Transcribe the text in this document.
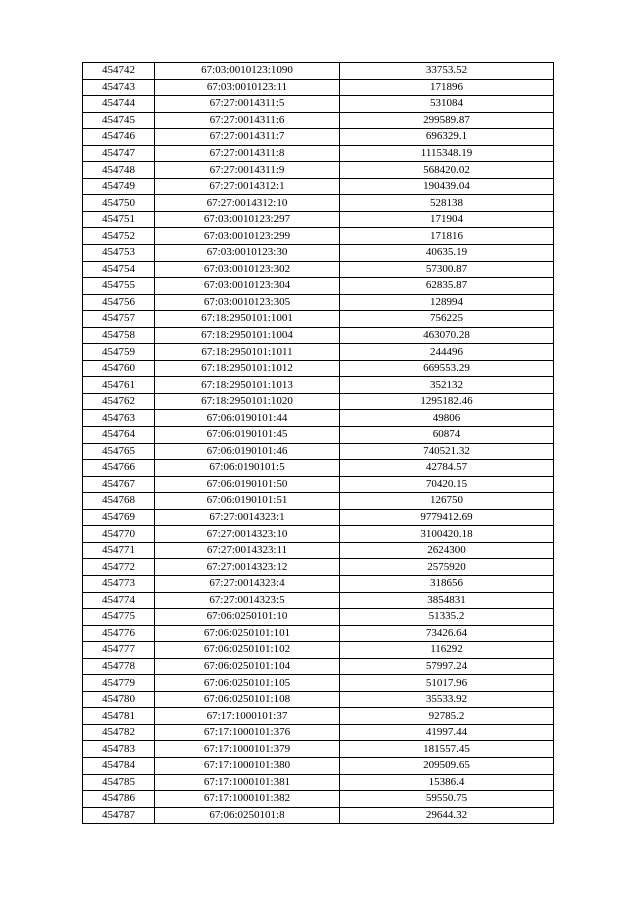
454742	67:03:0010123:1090	33753.52
454743	67:03:0010123:11	171896
454744	67:27:0014311:5	531084
454745	67:27:0014311:6	299589.87
454746	67:27:0014311:7	696329.1
454747	67:27:0014311:8	1115348.19
454748	67:27:0014311:9	568420.02
454749	67:27:0014312:1	190439.04
454750	67:27:0014312:10	528138
454751	67:03:0010123:297	171904
454752	67:03:0010123:299	171816
454753	67:03:0010123:30	40635.19
454754	67:03:0010123:302	57300.87
454755	67:03:0010123:304	62835.87
454756	67:03:0010123:305	128994
454757	67:18:2950101:1001	756225
454758	67:18:2950101:1004	463070.28
454759	67:18:2950101:1011	244496
454760	67:18:2950101:1012	669553.29
454761	67:18:2950101:1013	352132
454762	67:18:2950101:1020	1295182.46
454763	67:06:0190101:44	49806
454764	67:06:0190101:45	60874
454765	67:06:0190101:46	740521.32
454766	67:06:0190101:5	42784.57
454767	67:06:0190101:50	70420.15
454768	67:06:0190101:51	126750
454769	67:27:0014323:1	9779412.69
454770	67:27:0014323:10	3100420.18
454771	67:27:0014323:11	2624300
454772	67:27:0014323:12	2575920
454773	67:27:0014323:4	318656
454774	67:27:0014323:5	3854831
454775	67:06:0250101:10	51335.2
454776	67:06:0250101:101	73426.64
454777	67:06:0250101:102	116292
454778	67:06:0250101:104	57997.24
454779	67:06:0250101:105	51017.96
454780	67:06:0250101:108	35533.92
454781	67:17:1000101:37	92785.2
454782	67:17:1000101:376	41997.44
454783	67:17:1000101:379	181557.45
454784	67:17:1000101:380	209509.65
454785	67:17:1000101:381	15386.4
454786	67:17:1000101:382	59550.75
454787	67:06:0250101:8	29644.32
